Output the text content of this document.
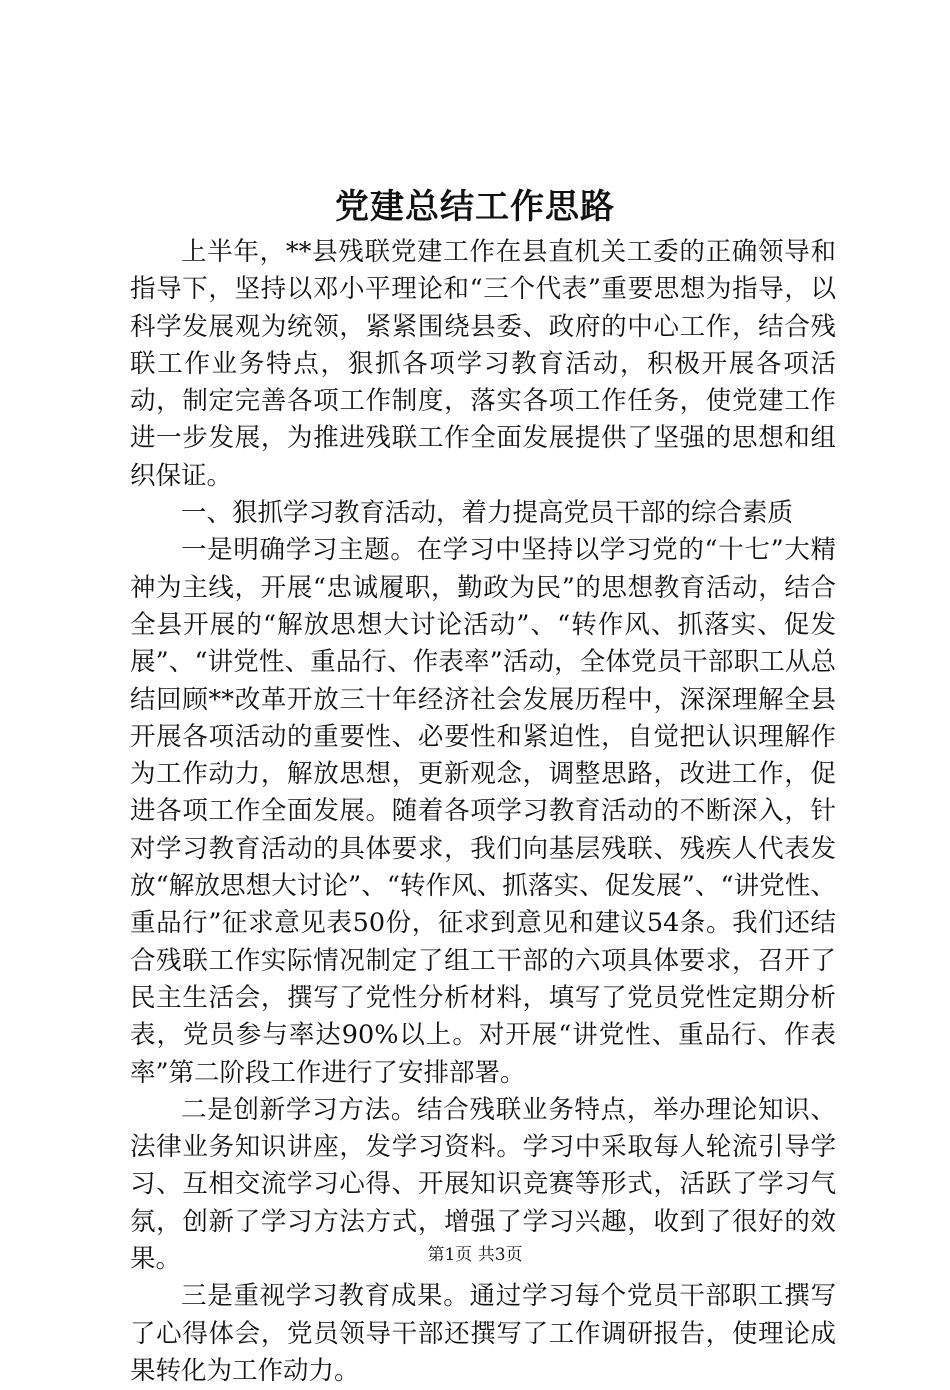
党建总结工作思路

上半年，**县残联党建工作在县直机关工委的正确领导和指导下，坚持以邓小平理论和“三个代表”重要思想为指导，以科学发展观为统领，紧紧围绕县委、政府的中心工作，结合残联工作业务特点，狠抓各项学习教育活动，积极开展各项活动，制定完善各项工作制度，落实各项工作任务，使党建工作进一步发展，为推进残联工作全面发展提供了坚强的思想和组织保证。

一、狠抓学习教育活动，着力提高党员干部的综合素质

一是明确学习主题。在学习中坚持以学习党的“十七”大精神为主线，开展“忠诚履职，勤政为民”的思想教育活动，结合全县开展的“解放思想大讨论活动”、“转作风、抓落实、促发展”、“讲党性、重品行、作表率”活动，全体党员干部职工从总结回顾**改革开放三十年经济社会发展历程中，深深理解全县开展各项活动的重要性、必要性和紧迫性，自觉把认识理解作为工作动力，解放思想，更新观念，调整思路，改进工作，促进各项工作全面发展。随着各项学习教育活动的不断深入，针对学习教育活动的具体要求，我们向基层残联、残疾人代表发放“解放思想大讨论”、“转作风、抓落实、促发展”、“讲党性、重品行”征求意见表50份，征求到意见和建议54条。我们还结合残联工作实际情况制定了组工干部的六项具体要求，召开了民主生活会，撰写了党性分析材料，填写了党员党性定期分析表，党员参与率达90%以上。对开展“讲党性、重品行、作表率”第二阶段工作进行了安排部署。

二是创新学习方法。结合残联业务特点，举办理论知识、法律业务知识讲座，发学习资料。学习中采取每人轮流引导学习、互相交流学习心得、开展知识竞赛等形式，活跃了学习气氛，创新了学习方法方式，增强了学习兴趣，收到了很好的效果。

三是重视学习教育成果。通过学习每个党员干部职工撰写了心得体会，党员领导干部还撰写了工作调研报告，使理论成果转化为工作动力。

第1页 共3页
